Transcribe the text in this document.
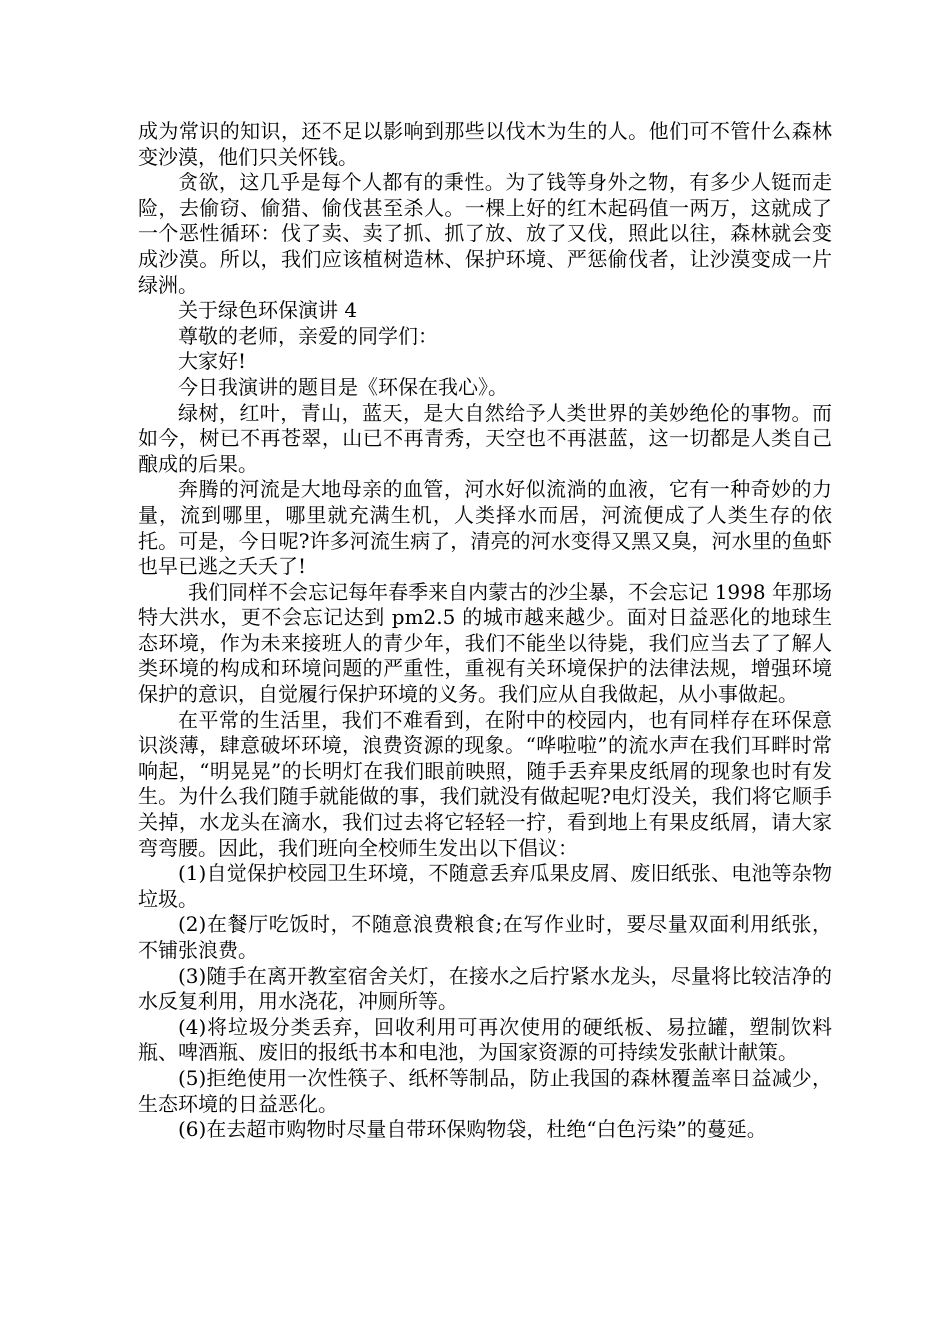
成为常识的知识，还不足以影响到那些以伐木为生的人。他们可不管什么森林变沙漠，他们只关怀钱。

贪欲，这几乎是每个人都有的秉性。为了钱等身外之物，有多少人铤而走险，去偷窃、偷猎、偷伐甚至杀人。一棵上好的红木起码值一两万，这就成了一个恶性循环：伐了卖、卖了抓、抓了放、放了又伐，照此以往，森林就会变成沙漠。所以，我们应该植树造林、保护环境、严惩偷伐者，让沙漠变成一片绿洲。

关于绿色环保演讲 4

尊敬的老师，亲爱的同学们：

大家好!

今日我演讲的题目是《环保在我心》。

绿树，红叶，青山，蓝天，是大自然给予人类世界的美妙绝伦的事物。而如今，树已不再苍翠，山已不再青秀，天空也不再湛蓝，这一切都是人类自己酿成的后果。

奔腾的河流是大地母亲的血管，河水好似流淌的血液，它有一种奇妙的力量，流到哪里，哪里就充满生机，人类择水而居，河流便成了人类生存的依托。可是，今日呢?许多河流生病了，清亮的河水变得又黑又臭，河水里的鱼虾也早已逃之夭夭了!

我们同样不会忘记每年春季来自内蒙古的沙尘暴，不会忘记 1998 年那场特大洪水，更不会忘记达到 pm2.5 的城市越来越少。面对日益恶化的地球生态环境，作为未来接班人的青少年，我们不能坐以待毙，我们应当去了了解人类环境的构成和环境问题的严重性，重视有关环境保护的法律法规，增强环境保护的意识，自觉履行保护环境的义务。我们应从自我做起，从小事做起。

在平常的生活里，我们不难看到，在附中的校园内，也有同样存在环保意识淡薄，肆意破坏环境，浪费资源的现象。“哗啦啦”的流水声在我们耳畔时常响起，“明晃晃”的长明灯在我们眼前映照，随手丢弃果皮纸屑的现象也时有发生。为什么我们随手就能做的事，我们就没有做起呢?电灯没关，我们将它顺手关掉，水龙头在滴水，我们过去将它轻轻一拧，看到地上有果皮纸屑，请大家弯弯腰。因此，我们班向全校师生发出以下倡议：

(1)自觉保护校园卫生环境，不随意丢弃瓜果皮屑、废旧纸张、电池等杂物垃圾。

(2)在餐厅吃饭时，不随意浪费粮食;在写作业时，要尽量双面利用纸张，不铺张浪费。

(3)随手在离开教室宿舍关灯，在接水之后拧紧水龙头，尽量将比较洁净的水反复利用，用水浇花，冲厕所等。

(4)将垃圾分类丢弃，回收利用可再次使用的硬纸板、易拉罐，塑制饮料瓶、啤酒瓶、废旧的报纸书本和电池，为国家资源的可持续发张献计献策。

(5)拒绝使用一次性筷子、纸杯等制品，防止我国的森林覆盖率日益减少，生态环境的日益恶化。

(6)在去超市购物时尽量自带环保购物袋，杜绝“白色污染”的蔓延。
